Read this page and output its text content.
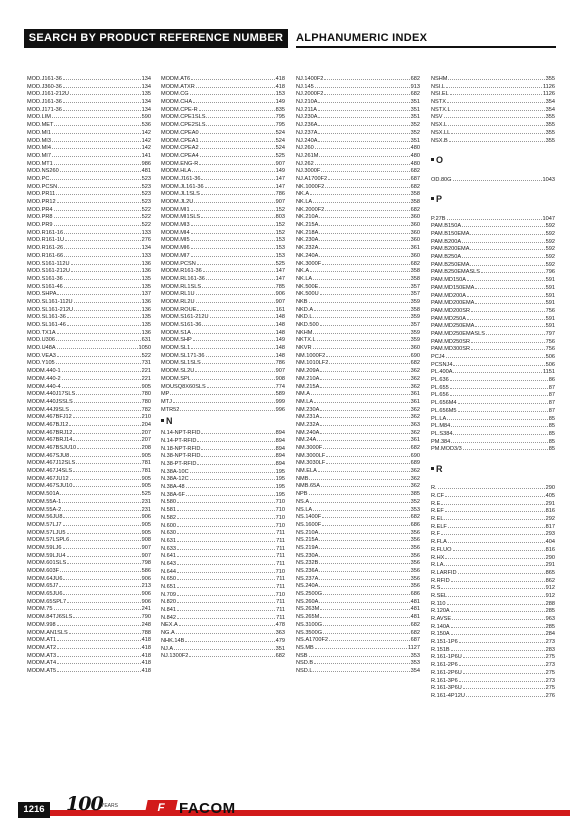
SEARCH BY PRODUCT REFERENCE NUMBER	ALPHANUMERIC INDEX
MOD.J161-36	134
MOD.J360-36	134
MOD.J161-212U	135
MOD.J161-36	134
MOD.J171-36	134
MOD.LIM	590
MOD.MET	536
MOD.MI1	142
MOD.MI3	142
MOD.MI4	142
MOD.MI7	141
MOD.MT1	986
MOD.NS260	481
MOD.PC	523
MOD.PCSN	523
MOD.PR11	523
MOD.PR12	523
MOD.PR4	522
MOD.PR8	522
MOD.PR9	522
MOD.R161-16	133
MOD.R161-1U	276
MOD.R161-26	134
MOD.R161-66	133
MOD.S161-112U	136
MOD.S161-212U	136
MOD.S161-36	135
MOD.S161-46	135
MOD.SHPA	137
MOD.SL161-112U	136
MOD.SL161-212U	136
MOD.SL161-36	135
MOD.SL161-46	135
MOD.TX1A	136
MOD.U306	631
MOD.U48A	1050
MOD.VEA3	522
MOD.Y105	731
MODM.440-1	221
MODM.440-2	221
MODM.440-4	905
MODM.440J17SLS	780
MODM.440JSSLS	780
MODM.44J9SLS	782
MODM.467BFJ12	210
MODM.467BJ12	204
MODM.467BRJ12	207
MODM.467BRJ14	207
MODM.467BSJU10	208
MODM.467SJU8	905
MODM.467J12SLS	781
MODM.467J4SLS	781
MODM.467JU12	905
MODM.467SJU10	905
MODM.501A	525
MODM.55A-1	231
MODM.55A-2	231
MODM.56JU8	906
MODM.57LJ7	905
MODM.57LJU5	905
MODM.57LSPL6	908
MODM.59LJ6	907
MODM.59LJU4	907
MODM.601SLS	798
MODM.603F	586
MODM.64JU6	906
MODM.65J7	213
MODM.65JU6	906
MODM.65SPL7	906
MODM.75	241
MODM.84TJ6SLS	790
MODM.998	248
MODM.AN1SLS	788
MODM.AT1	418
MODM.AT2	418
MODM.AT3	418
MODM.AT4	418
MODM.AT5	418
MODM.AT6	418
MODM.ATXR	418
MODM.CG	153
MODM.CHA	149
MODM.CPE-R	835
MODM.CPE1SLS	795
MODM.CPE2SLS	795
MODM.CPEA0	524
MODM.CPEA1	524
MODM.CPEA2	524
MODM.CPEA4	525
MODM.ENG-R	907
MODM.HLA	149
MODM.J161-36	147
MODM.JL161-36	147
MODM.JL1SLS	786
MODM.JL2U	907
MODM.MI1	152
MODM.MI1SLS	803
MODM.MI3	152
MODM.MI4	152
MODM.MI5	153
MODM.MI6	153
MODM.MI7	153
MODM.PCSN	525
MODM.R161-36	147
MODM.RL161-36	147
MODM.RL1SLS	785
MODM.RL1U	906
MODM.RL2U	907
MODM.ROUE	161
MODM.S161-212U	148
MODM.S161-36	148
MODM.S1A	148
MODM.SHP	149
MODM.SL1	148
MODM.SL171-36	148
MODM.SL1SLS	786
MODM.SL2U	907
MODM.SPL	908
MOUSQ8X60SLS	774
MP	589
MTJ	999
MTR52	996
N
N.14-NPT-RFID	894
N.14-PT-RFID	894
N.18-NPT-RFID	894
N.38-NPT-RFID	894
N.38-PT-RFID	894
N.38A-10C	195
N.38A-12C	195
N.38A-48	195
N.38A-6F	195
N.580	710
N.581	710
N.582	710
N.600	710
N.630	711
N.631	711
N.633	711
N.641	711
N.643	711
N.644	710
N.650	711
N.651	711
N.709	710
N.820	711
N.841	711
N.842	711
NEX.A	478
NG.A	363
NHK.14B	479
NJ.A	351
NJ.1300F2	682
NJ.1400F2	682
NJ.145	913
NJ.2000F2	682
NJ.210A	351
NJ.211A	351
NJ.230A	351
NJ.236A	352
NJ.237A	352
NJ.240A	351
NJ.260	480
NJ.261M	480
NJ.262	480
NJ.3000F	682
NJ.A1700F2	687
NK.1000F2	682
NK.A	358
NK.LA	358
NK.2000F2	682
NK.210A	360
NK.215A	360
NK.218A	360
NK.230A	360
NK.232A	361
NK.240A	360
NK.3000F	682
NK.A	358
NK.LA	358
NK.500E	357
NK.500U	357
NKB	359
NKD.A	358
NKD.L	359
NKD.500	357
NKHM	359
NKTX.L	359
NKVR	360
NM.1000F2	690
NM.1010LF2	682
NM.209A	362
NM.210A	362
NM.215A	362
NM.A	361
NM.LA	361
NM.230A	362
NM.231A	362
NM.232A	363
NM.240A	362
NM.24A	361
NM.3000F	682
NM.3000LF	690
NM.3030LF	689
NM.ELA	362
NMB	362
NMB.65A	362
NPB	385
NS.A	352
NS.LA	353
NS.1400F	682
NS.1600F	686
NS.210A	356
NS.215A	356
NS.219A	356
NS.230A	356
NS.232B	356
NS.236A	356
NS.237A	356
NS.240A	356
NS.2500G	686
NS.260A	481
NS.263M	481
NS.265M	481
NS.3100G	682
NS.3500G	682
NS.A1700F2	687
NS.MB	1127
NSB	353
NSD.B	353
NSD.L	354
NSHM	355
NSI.L	1126
NSI.EL	1126
NSTX	354
NSTX.L	354
NSV	355
NSX.L	355
NSX.LL	355
NSX.B	355
O
OD.80G	1043
P
P.27B	1047
PAM.B150A	592
PAM.B150EMA	592
PAM.B200A	592
PAM.B200EMA	592
PAM.B250A	592
PAM.B250EMA	592
PAM.B250EMASLS	796
PAM.MD150A	591
PAM.MD150EMA	591
PAM.MD200A	591
PAM.MD200EMA	591
PAM.MD200SR	756
PAM.MD250A	591
PAM.MD250EMA	591
PAM.MD250EMASLS	797
PAM.MD250SR	756
PAM.MD300SR	756
PCJ4	506
PCSNJ4	506
PL.400A	1151
PL.636	86
PL.655	87
PL.656	87
PL.656M4	87
PL.656M5	87
PL.LA	85
PL.M84	85
PL.S384	85
PM.384	85
PM.MOD3/3	85
R
R.	290
R.CF	405
R.E	291
R.EF	816
R.EL	292
R.ELF	817
R.F	293
R.FLA	404
R.FLUO	816
R.HX	290
R.LA	291
R.LARFID	865
R.RFID	862
R.S	912
R.SEL	912
R.110	288
R.120A	285
R.AVSE	963
R.140A	285
R.150A	284
R.151-1P6	273
R.151B	283
R.161-1P6U	275
R.161-2P6	273
R.161-2P6U	275
R.161-3P6	273
R.161-3P6U	275
R.161-4P12U	276
1216 100
YEARS	F FACOM
